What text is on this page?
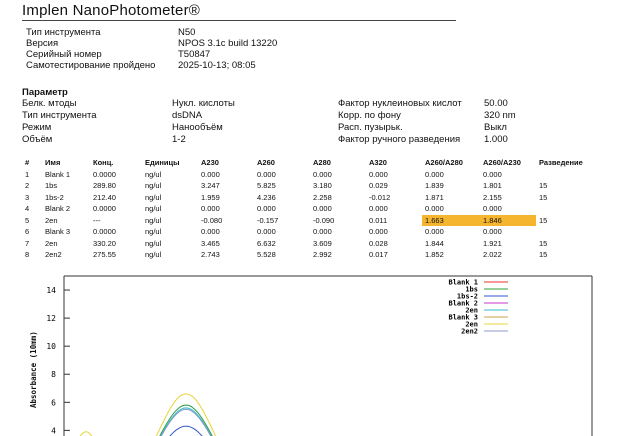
Implen NanoPhotometer®
Тип инструмента	N50
Версия	NPOS 3.1c build 13220
Серийный номер	T50847
Самотестирование пройдено 2025-10-13; 08:05
Параметр
Белк. мтоды	Нукл. кислоты	Фактор нуклеиновых кислот 50.00
Тип инструмента	dsDNA	Корр. по фону	320 nm
Режим	Нанообъём	Расп. пузырьк.	Выкл
Объём	1-2	Фактор ручного разведения	1.000
#	Имя	Конц.	Единицы	A230	A260	A280	A320	A260/A280	A260/A230	Разведение
1	Blank 1	0.0000	ng/ul	0.000	0.000	0.000	0.000	0.000	0.000	
2	1bs	289.80	ng/ul	3.247	5.825	3.180	0.029	1.839	1.801	15
3	1bs-2	212.40	ng/ul	1.959	4.236	2.258	-0.012	1.871	2.155	15
4	Blank 2	0.0000	ng/ul	0.000	0.000	0.000	0.000	0.000	0.000	
5	2en	---	ng/ul	-0.080	-0.157	-0.090	0.011	1.663	1.846	15
6	Blank 3	0.0000	ng/ul	0.000	0.000	0.000	0.000	0.000	0.000	
7	2en	330.20	ng/ul	3.465	6.632	3.609	0.028	1.844	1.921	15
8	2en2	275.55	ng/ul	2.743	5.528	2.992	0.017	1.852	2.022	15
Absorbance (10mm)
14
12
10
8
6
4
Blank 1
1bs
1bs-2
Blank 2
2en
Blank 3
2en
2en2
